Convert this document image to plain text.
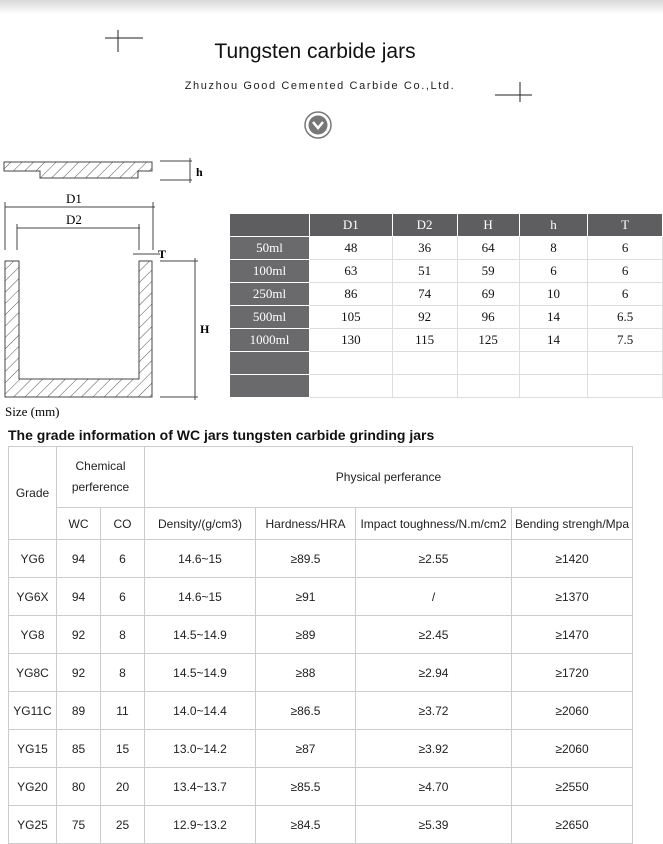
Tungsten carbide jars
Zhuzhou Good Cemented Carbide Co.,Ltd.
D1
D2
h
T
H
Size (mm)
	D1	D2	H	h	T
50ml	48	36	64	8	6
100ml	63	51	59	6	6
250ml	86	74	69	10	6
500ml	105	92	96	14	6.5
1000ml	130	115	125	14	7.5

The grade information of WC jars tungsten carbide grinding jars
Grade	Chemical perference		Physical perferance			
	WC	CO	Density/(g/cm3)	Hardness/HRA	Impact toughness/N.m/cm2	Bending strengh/Mpa
YG6	94	6	14.6~15	≥89.5	≥2.55	≥1420
YG6X	94	6	14.6~15	≥91	/	≥1370
YG8	92	8	14.5~14.9	≥89	≥2.45	≥1470
YG8C	92	8	14.5~14.9	≥88	≥2.94	≥1720
YG11C	89	11	14.0~14.4	≥86.5	≥3.72	≥2060
YG15	85	15	13.0~14.2	≥87	≥3.92	≥2060
YG20	80	20	13.4~13.7	≥85.5	≥4.70	≥2550
YG25	75	25	12.9~13.2	≥84.5	≥5.39	≥2650
